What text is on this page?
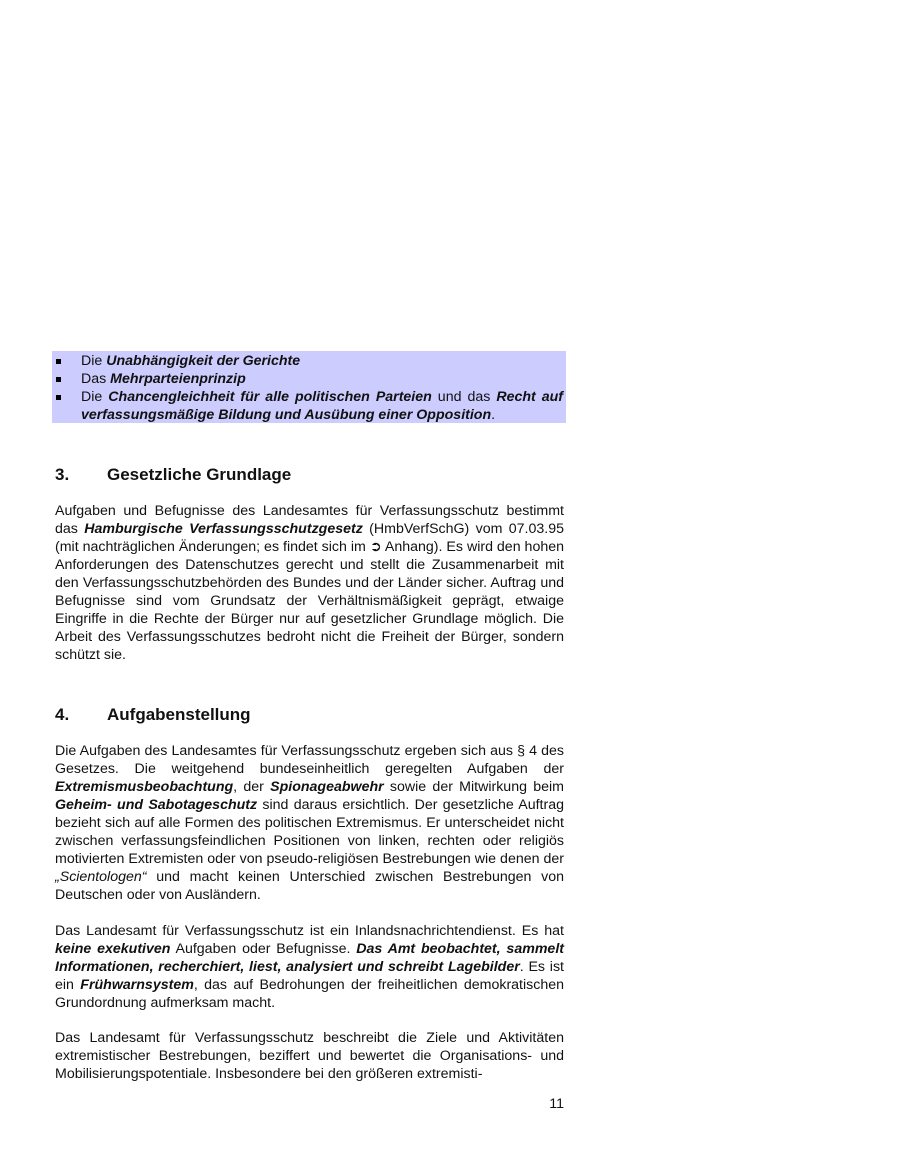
Die Unabhängigkeit der Gerichte
Das Mehrparteienprinzip
Die Chancengleichheit für alle politischen Parteien und das Recht auf verfassungsmäßige Bildung und Ausübung einer Opposition.
3. Gesetzliche Grundlage

Aufgaben und Befugnisse des Landesamtes für Verfassungsschutz bestimmt das Hamburgische Verfassungsschutzgesetz (HmbVerfSchG) vom 07.03.95 (mit nachträglichen Änderungen; es findet sich im ➲ Anhang). Es wird den hohen Anforderungen des Datenschutzes gerecht und stellt die Zusammenarbeit mit den Verfassungsschutzbehörden des Bundes und der Länder sicher. Auftrag und Befugnisse sind vom Grundsatz der Verhältnismäßigkeit geprägt, etwaige Eingriffe in die Rechte der Bürger nur auf gesetzlicher Grundlage möglich. Die Arbeit des Verfassungsschutzes bedroht nicht die Freiheit der Bürger, sondern schützt sie.

4. Aufgabenstellung

Die Aufgaben des Landesamtes für Verfassungsschutz ergeben sich aus § 4 des Gesetzes. Die weitgehend bundeseinheitlich geregelten Aufgaben der Extremismusbeobachtung, der Spionageabwehr sowie der Mitwirkung beim Geheim- und Sabotageschutz sind daraus ersichtlich. Der gesetzliche Auftrag bezieht sich auf alle Formen des politischen Extremismus. Er unterscheidet nicht zwischen verfassungsfeindlichen Positionen von linken, rechten oder religiös motivierten Extremisten oder von pseudo-religiösen Bestrebungen wie denen der „Scientologen“ und macht keinen Unterschied zwischen Bestrebungen von Deutschen oder von Ausländern.

Das Landesamt für Verfassungsschutz ist ein Inlandsnachrichtendienst. Es hat keine exekutiven Aufgaben oder Befugnisse. Das Amt beobachtet, sammelt Informationen, recherchiert, liest, analysiert und schreibt Lagebilder. Es ist ein Frühwarnsystem, das auf Bedrohungen der freiheitlichen demokratischen Grundordnung aufmerksam macht.

Das Landesamt für Verfassungsschutz beschreibt die Ziele und Aktivitäten extremistischer Bestrebungen, beziffert und bewertet die Organisations- und Mobilisierungspotentiale. Insbesondere bei den größeren extremisti-

11
